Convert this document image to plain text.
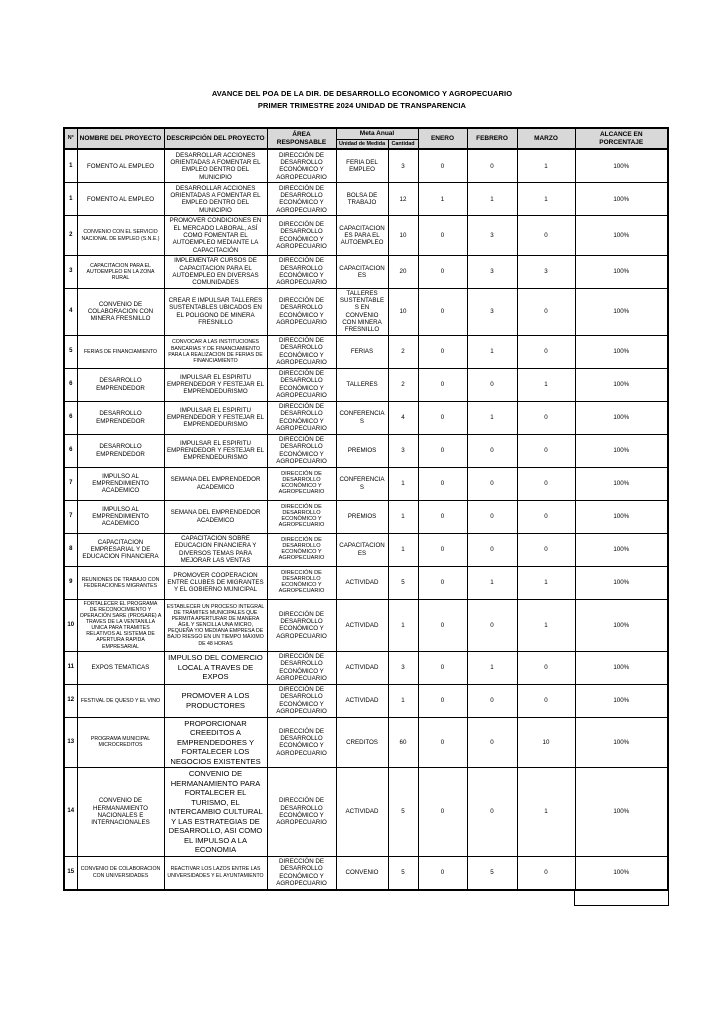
AVANCE DEL POA DE LA DIR. DE DESARROLLO ECONOMICO Y AGROPECUARIO
PRIMER TRIMESTRE 2024 UNIDAD DE TRANSPARENCIA
N°	NOMBRE DEL PROYECTO	DESCRIPCIÓN DEL PROYECTO	ÁREA RESPONSABLE	Meta Anual		ENERO	FEBRERO	MARZO	ALCANCE EN PORCENTAJE
				Unidad de Medida	Cantidad				
1	FOMENTO AL EMPLEO	DESARROLLAR ACCIONES ORIENTADAS A FOMENTAR EL EMPLEO DENTRO DEL MUNICIPIO	DIRECCIÓN DE DESARROLLO ECONÓMICO Y AGROPECUARIO	FERIA DEL EMPLEO	3	0	0	1	100%
1	FOMENTO AL EMPLEO	DESARROLLAR ACCIONES ORIENTADAS A FOMENTAR EL EMPLEO DENTRO DEL MUNICIPIO	DIRECCIÓN DE DESARROLLO ECONÓMICO Y AGROPECUARIO	BOLSA DE TRABAJO	12	1	1	1	100%
2	CONVENIO CON EL SERVICIO NACIONAL DE EMPLEO (S.N.E.)	PROMOVER CONDICIONES EN EL MERCADO LABORAL, ASÍ COMO FOMENTAR EL AUTOEMPLEO MEDIANTE LA CAPACITACIÓN	DIRECCIÓN DE DESARROLLO ECONÓMICO Y AGROPECUARIO	CAPACITACIONES PARA EL AUTOEMPLEO	10	0	3	0	100%
3	CAPACITACION PARA EL AUTOEMPLEO EN LA ZONA RURAL	IMPLEMENTAR CURSOS DE CAPACITACION PARA EL AUTOEMPLEO EN DIVERSAS COMUNIDADES	DIRECCIÓN DE DESARROLLO ECONÓMICO Y AGROPECUARIO	CAPACITACIONES	20	0	3	3	100%
4	CONVENIO DE COLABORACION CON MINERA FRESNILLO	CREAR E IMPULSAR TALLERES SUSTENTABLES UBICADOS EN EL POLIGONO DE MINERA FRESNILLO	DIRECCIÓN DE DESARROLLO ECONÓMICO Y AGROPECUARIO	TALLERES SUSTENTABLES EN CONVENIO CON MINERA FRESNILLO	10	0	3	0	100%
5	FERIAS DE FINANCIAMIENTO	CONVOCAR A LAS INSTITUCIONES BANCARIAS Y DE FINANCIAMIENTO PARA LA REALIZACION DE FERIAS DE FINANCIAMIENTO	DIRECCIÓN DE DESARROLLO ECONÓMICO Y AGROPECUARIO	FERIAS	2	0	1	0	100%
6	DESARROLLO EMPRENDEDOR	IMPULSAR EL ESPIRITU EMPRENDEDOR Y FESTEJAR EL EMPRENDEDURISMO	DIRECCIÓN DE DESARROLLO ECONÓMICO Y AGROPECUARIO	TALLERES	2	0	0	1	100%
6	DESARROLLO EMPRENDEDOR	IMPULSAR EL ESPIRITU EMPRENDEDOR Y FESTEJAR EL EMPRENDEDURISMO	DIRECCIÓN DE DESARROLLO ECONÓMICO Y AGROPECUARIO	CONFERENCIAS	4	0	1	0	100%
6	DESARROLLO EMPRENDEDOR	IMPULSAR EL ESPIRITU EMPRENDEDOR Y FESTEJAR EL EMPRENDEDURISMO	DIRECCIÓN DE DESARROLLO ECONÓMICO Y AGROPECUARIO	PREMIOS	3	0	0	0	100%
7	IMPULSO AL EMPRENDIMIENTO ACADEMICO	SEMANA DEL EMPRENDEDOR ACADEMICO	DIRECCIÓN DE DESARROLLO ECONÓMICO Y AGROPECUARIO	CONFERENCIAS	1	0	0	0	100%
7	IMPULSO AL EMPRENDIMIENTO ACADEMICO	SEMANA DEL EMPRENDEDOR ACADEMICO	DIRECCIÓN DE DESARROLLO ECONÓMICO Y AGROPECUARIO	PREMIOS	1	0	0	0	100%
8	CAPACITACION EMPRESARIAL Y DE EDUCACION FINANCIERA	CAPACITACION SOBRE EDUCACION FINANCIERA Y DIVERSOS TEMAS PARA MEJORAR LAS VENTAS	DIRECCIÓN DE DESARROLLO ECONÓMICO Y AGROPECUARIO	CAPACITACIONES	1	0	0	0	100%
9	REUNIONES DE TRABAJO CON FEDERACIONES MIGRANTES	PROMOVER COOPERACION ENTRE CLUBES DE MIGRANTES Y EL GOBIERNO MUNICIPAL	DIRECCIÓN DE DESARROLLO ECONÓMICO Y AGROPECUARIO	ACTIVIDAD	5	0	1	1	100%
10	FORTALECER EL PROGRAMA DE RECONOCIMIENTO Y OPERACIÓN SARE (PROSARE) A TRAVES DE LA VENTANILLA UNICA PARA TRAMITES RELATIVOS AL SISTEMA DE APERTURA RAPIDA EMPRESARIAL	ESTABLECER UN PROCESO INTEGRAL DE TRÁMITES MUNICIPALES QUE PERMITA APERTURAR DE MANERA ÁGIL Y SENCILLA UNA MICRO, PEQUEÑA Y/O MEDIANA EMPRESA DE BAJO RIESGO EN UN TIEMPO MÁXIMO DE 48 HORAS	DIRECCIÓN DE DESARROLLO ECONÓMICO Y AGROPECUARIO	ACTIVIDAD	1	0	0	1	100%
11	EXPOS TEMATICAS	IMPULSO DEL COMERCIO LOCAL A TRAVES DE EXPOS	DIRECCIÓN DE DESARROLLO ECONÓMICO Y AGROPECUARIO	ACTIVIDAD	3	0	1	0	100%
12	FESTIVAL DE QUESO Y EL VINO	PROMOVER A LOS PRODUCTORES	DIRECCIÓN DE DESARROLLO ECONÓMICO Y AGROPECUARIO	ACTIVIDAD	1	0	0	0	100%
13	PROGRAMA MUNICIPAL MICROCREDITOS	PROPORCIONAR CREEDITOS A EMPRENDEDORES Y FORTALECER LOS NEGOCIOS EXISTENTES	DIRECCIÓN DE DESARROLLO ECONÓMICO Y AGROPECUARIO	CREDITOS	60	0	0	10	100%
14	CONVENIO DE HERMANAMIENTO NACIONALES E INTERNACIONALES	CONVENIO DE HERMANAMIENTO PARA FORTALECER EL TURISMO, EL INTERCAMBIO CULTURAL Y LAS ESTRATEGIAS DE DESARROLLO, ASI COMO EL IMPULSO A LA ECONOMIA	DIRECCIÓN DE DESARROLLO ECONÓMICO Y AGROPECUARIO	ACTIVIDAD	5	0	0	1	100%
15	CONVENIO DE COLABORACION CON UNIVERSIDADES	REACTIVAR LOS LAZOS ENTRE LAS UNIVERSIDADES Y EL AYUNTAMIENTO	DIRECCIÓN DE DESARROLLO ECONÓMICO Y AGROPECUARIO	CONVENIO	5	0	5	0	100%
